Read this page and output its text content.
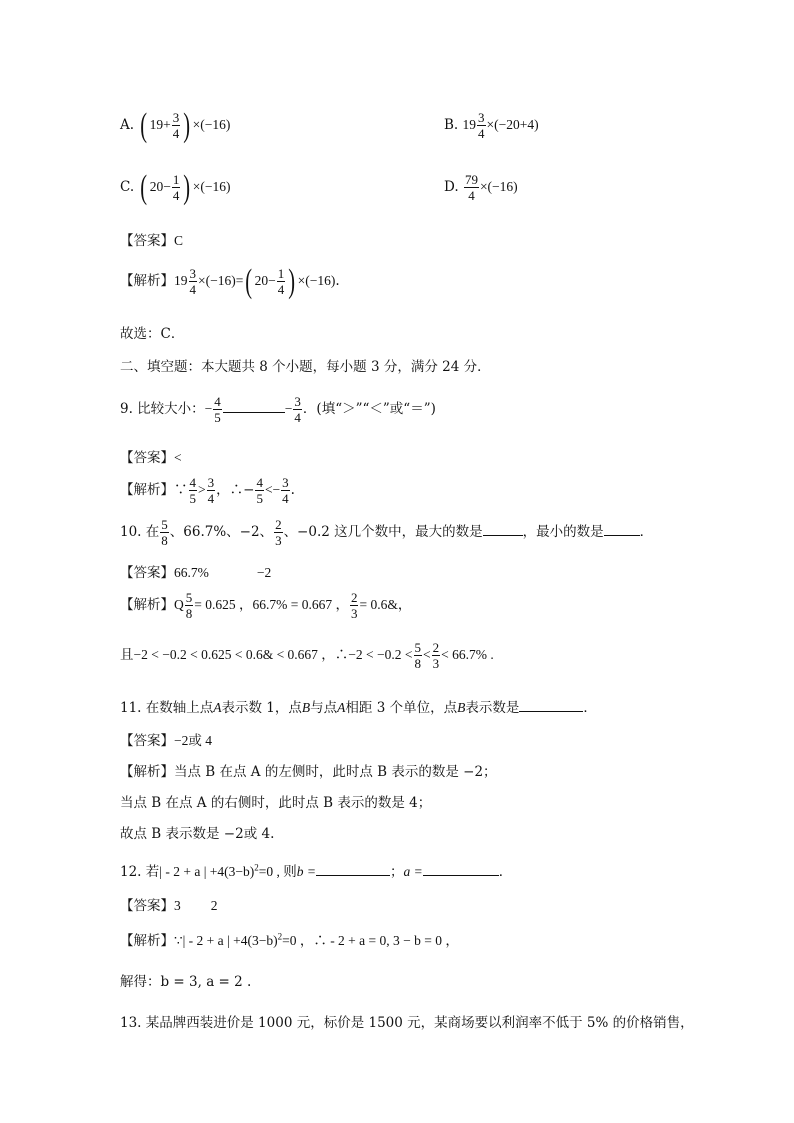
A. ( $19+ \frac{3}{4}$ ) ×(−16)	B. $19 \frac{3}{4} \times(-20+4)$
C. ( $20- \frac{1}{4}$ ) ×(−16)	D. $\frac{79}{4} \times(-16)$
【答案】C
【解析】$19 \frac{3}{4} \times(-16)=$( $20- \frac{1}{4}$ ) ×(−16).
故选：C．
二、填空题：本大题共 8 个小题，每小题 3 分，满分 24 分．
9. 比较大小：− $\frac{4}{5}$	− $\frac{3}{4}$ ．(填“＞”“＜”或“＝”)
【答案】<
【解析】∵ $\frac{4}{5} > \frac{3}{4}$ ，∴− $\frac{4}{5} <- \frac{3}{4}$ .
10. 在 $\frac{5}{8}$ 、66.7%、−2、 $\frac{2}{3}$ 、−0.2 这几个数中，最大的数是	，最小的数是	．
【答案】66.7%	−2
【解析】Q $\frac{5}{8} = 0.625$ ，66.7% = 0.667 ， $\frac{2}{3}$ = 0.6&，
且−2 < −0.2 < 0.625 < 0.6& < 0.667 ，∴−2 < $-0.2 < \frac{5}{8} < \frac{2}{3} < 66.7\%$ .
11. 在数轴上点A表示数 1，点B与点A相距 3 个单位，点B表示数是	．
【答案】−2或 4
【解析】当点 B 在点 A 的左侧时，此时点 B 表示的数是 −2；
当点 B 在点 A 的右侧时，此时点 B 表示的数是 4；
故点 B 表示数是 −2或 4.
12. 若| - 2 + a | $+4(3-b)^2=0$ , 则b =	；a =	．
【答案】3 2
【解析】∵| - 2 + a | $+4(3-b)^2=0$ ，∴ - 2 + a = 0, 3 − b = 0 ，
解得：b = 3, a = 2 .
13. 某品牌西装进价是 1000 元，标价是 1500 元，某商场要以利润率不低于 5% 的价格销售，
